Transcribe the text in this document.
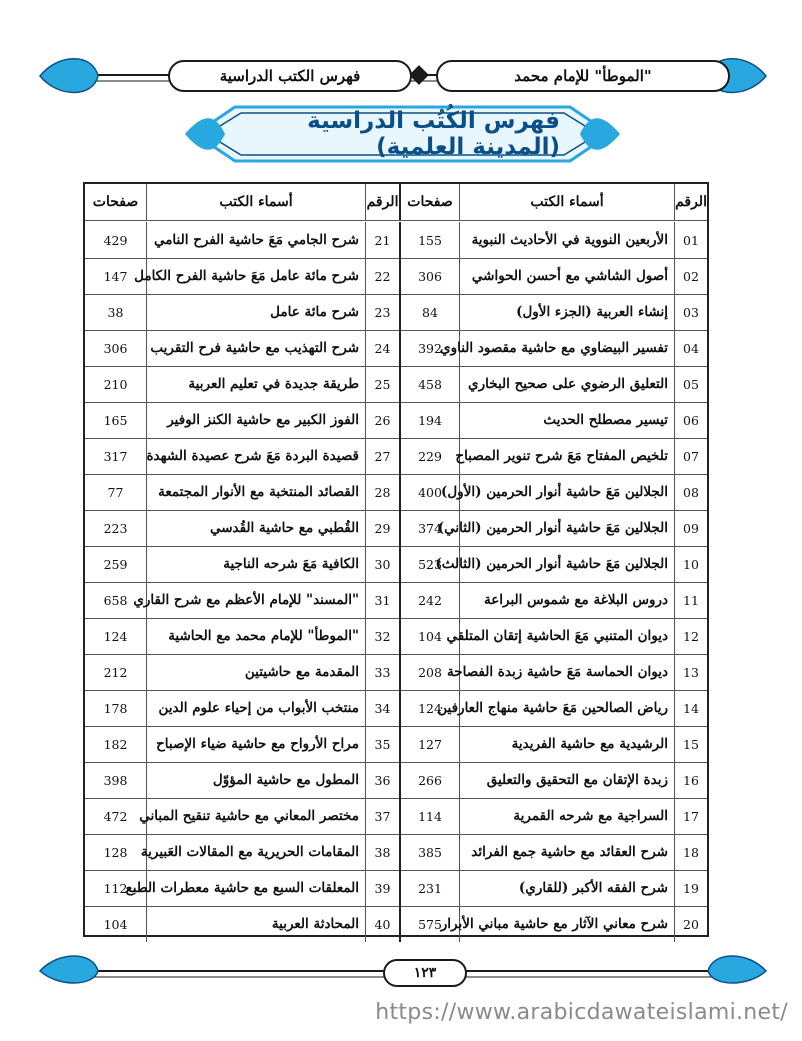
"الموطأ" للإمام محمد
فهرس الكتب الدراسية
فهرس الكُتُب الدراسية (المدينة العلمية)
الرقم
أسماء الكتب
صفحات
الرقم
أسماء الكتب
صفحات
01
الأربعين النووية في الأحاديث النبوية
155
21
شرح الجامي مَعَ حاشية الفرح النامي
429
02
أصول الشاشي مع أحسن الحواشي
306
22
شرح مائة عامل مَعَ حاشية الفرح الكامل
147
03
إنشاء العربية (الجزء الأول)
84
23
شرح مائة عامل
38
04
تفسير البيضاوي مع حاشية مقصود الناوي
392
24
شرح التهذيب مع حاشية فرح التقريب
306
05
التعليق الرضوي على صحيح البخاري
458
25
طريقة جديدة في تعليم العربية
210
06
تيسير مصطلح الحديث
194
26
الفوز الكبير مع حاشية الكنز الوفير
165
07
تلخيص المفتاح مَعَ شرح تنوير المصباح
229
27
قصيدة البردة مَعَ شرح عصيدة الشهدة
317
08
الجلالين مَعَ حاشية أنوار الحرمين (الأول)
400
28
القصائد المنتخبة مع الأنوار المجتمعة
77
09
الجلالين مَعَ حاشية أنوار الحرمين (الثاني)
374
29
القُطبي مع حاشية القُدسي
223
10
الجلالين مَعَ حاشية أنوار الحرمين (الثالث)
523
30
الكافية مَعَ شرحه الناجية
259
11
دروس البلاغة مع شموس البراعة
242
31
"المسند" للإمام الأعظم مع شرح القاري
658
12
ديوان المتنبي مَعَ الحاشية إتقان المتلقي
104
32
"الموطأ" للإمام محمد مع الحاشية
124
13
ديوان الحماسة مَعَ حاشية زبدة الفصاحة
208
33
المقدمة مع حاشيتين
212
14
رياض الصالحين مَعَ حاشية منهاج العارفين
124
34
منتخب الأبواب من إحياء علوم الدين
178
15
الرشيدية مع حاشية الفريدية
127
35
مراح الأرواح مع حاشية ضياء الإصباح
182
16
زبدة الإتقان مع التحقيق والتعليق
266
36
المطول مع حاشية المؤوّل
398
17
السراجية مع شرحه القمرية
114
37
مختصر المعاني مع حاشية تنقيح المباني
472
18
شرح العقائد مع حاشية جمع الفرائد
385
38
المقامات الحريرية مع المقالات العَبيرية
128
19
شرح الفقه الأكبر (للقاري)
231
39
المعلقات السبع مع حاشية معطرات الطبع
112
20
شرح معاني الآثار مع حاشية مباني الأبرار
575
40
المحادثة العربية
104
١٢٣
https://www.arabicdawateislami.net/
